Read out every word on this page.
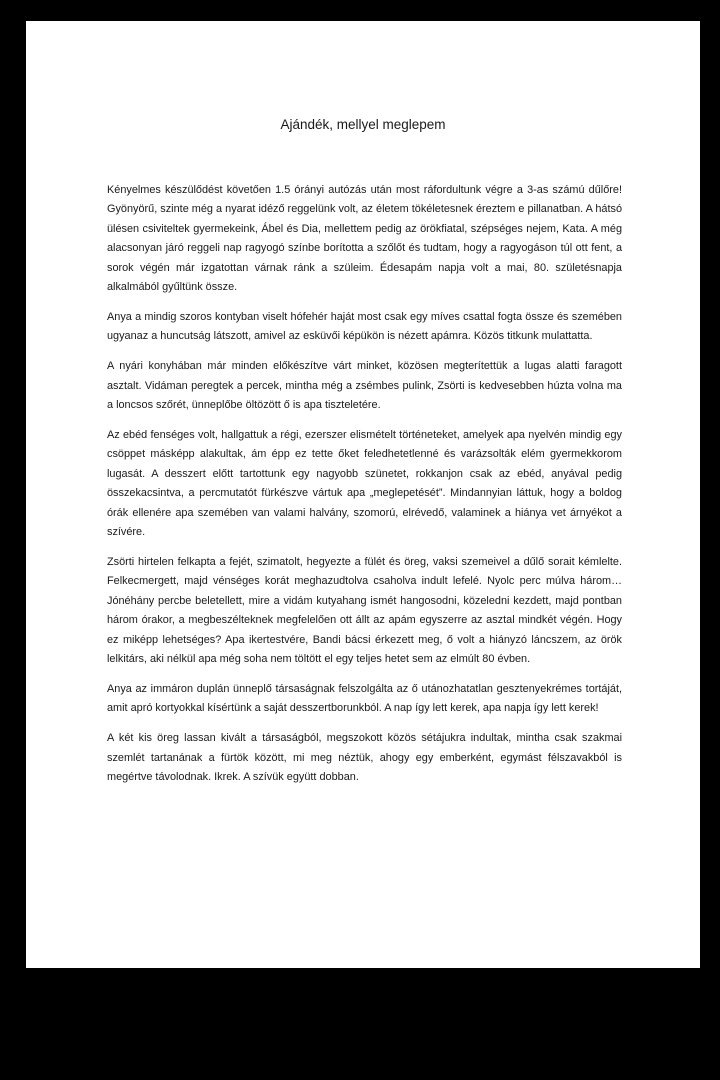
Ajándék, mellyel meglepem

Kényelmes készülődést követően 1.5 órányi autózás után most ráfordultunk végre a 3-as számú dűlőre! Gyönyörű, szinte még a nyarat idéző reggelünk volt, az életem tökéletesnek éreztem e pillanatban. A hátsó ülésen csiviteltek gyermekeink, Ábel és Dia, mellettem pedig az örökfiatal, szépséges nejem, Kata. A még alacsonyan járó reggeli nap ragyogó színbe borította a szőlőt és tudtam, hogy a ragyogáson túl ott fent, a sorok végén már izgatottan várnak ránk a szüleim. Édesapám napja volt a mai, 80. születésnapja alkalmából gyűltünk össze.

Anya a mindig szoros kontyban viselt hófehér haját most csak egy míves csattal fogta össze és szemében ugyanaz a huncutság látszott, amivel az esküvői képükön is nézett apámra. Közös titkunk mulattatta.

A nyári konyhában már minden előkészítve várt minket, közösen megterítettük a lugas alatti faragott asztalt. Vidáman peregtek a percek, mintha még a zsémbes pulink, Zsörti is kedvesebben húzta volna ma a loncsos szőrét, ünneplőbe öltözött ő is apa tiszteletére.

Az ebéd fenséges volt, hallgattuk a régi, ezerszer elismételt történeteket, amelyek apa nyelvén mindig egy csöppet másképp alakultak, ám épp ez tette őket feledhetetlenné és varázsolták elém gyermekkorom lugasát. A desszert előtt tartottunk egy nagyobb szünetet, rokkanjon csak az ebéd, anyával pedig összekacsintva, a percmutatót fürkészve vártuk apa „meglepetését”. Mindannyian láttuk, hogy a boldog órák ellenére apa szemében van valami halvány, szomorú, elrévedő, valaminek a hiánya vet árnyékot a szívére.

Zsörti hirtelen felkapta a fejét, szimatolt, hegyezte a fülét és öreg, vaksi szemeivel a dűlő sorait kémlelte. Felkecmergett, majd vénséges korát meghazudtolva csaholva indult lefelé. Nyolc perc múlva három… Jónéhány percbe beletellett, mire a vidám kutyahang ismét hangosodni, közeledni kezdett, majd pontban három órakor, a megbeszélteknek megfelelően ott állt az apám egyszerre az asztal mindkét végén. Hogy ez miképp lehetséges? Apa ikertestvére, Bandi bácsi érkezett meg, ő volt a hiányzó láncszem, az örök lelkitárs, aki nélkül apa még soha nem töltött el egy teljes hetet sem az elmúlt 80 évben.

Anya az immáron duplán ünneplő társaságnak felszolgálta az ő utánozhatatlan gesztenyekrémes tortáját, amit apró kortyokkal kísértünk a saját desszertborunkból. A nap így lett kerek, apa napja így lett kerek!

A két kis öreg lassan kivált a társaságból, megszokott közös sétájukra indultak, mintha csak szakmai szemlét tartanának a fürtök között, mi meg néztük, ahogy egy emberként, egymást félszavakból is megértve távolodnak. Ikrek. A szívük együtt dobban.
